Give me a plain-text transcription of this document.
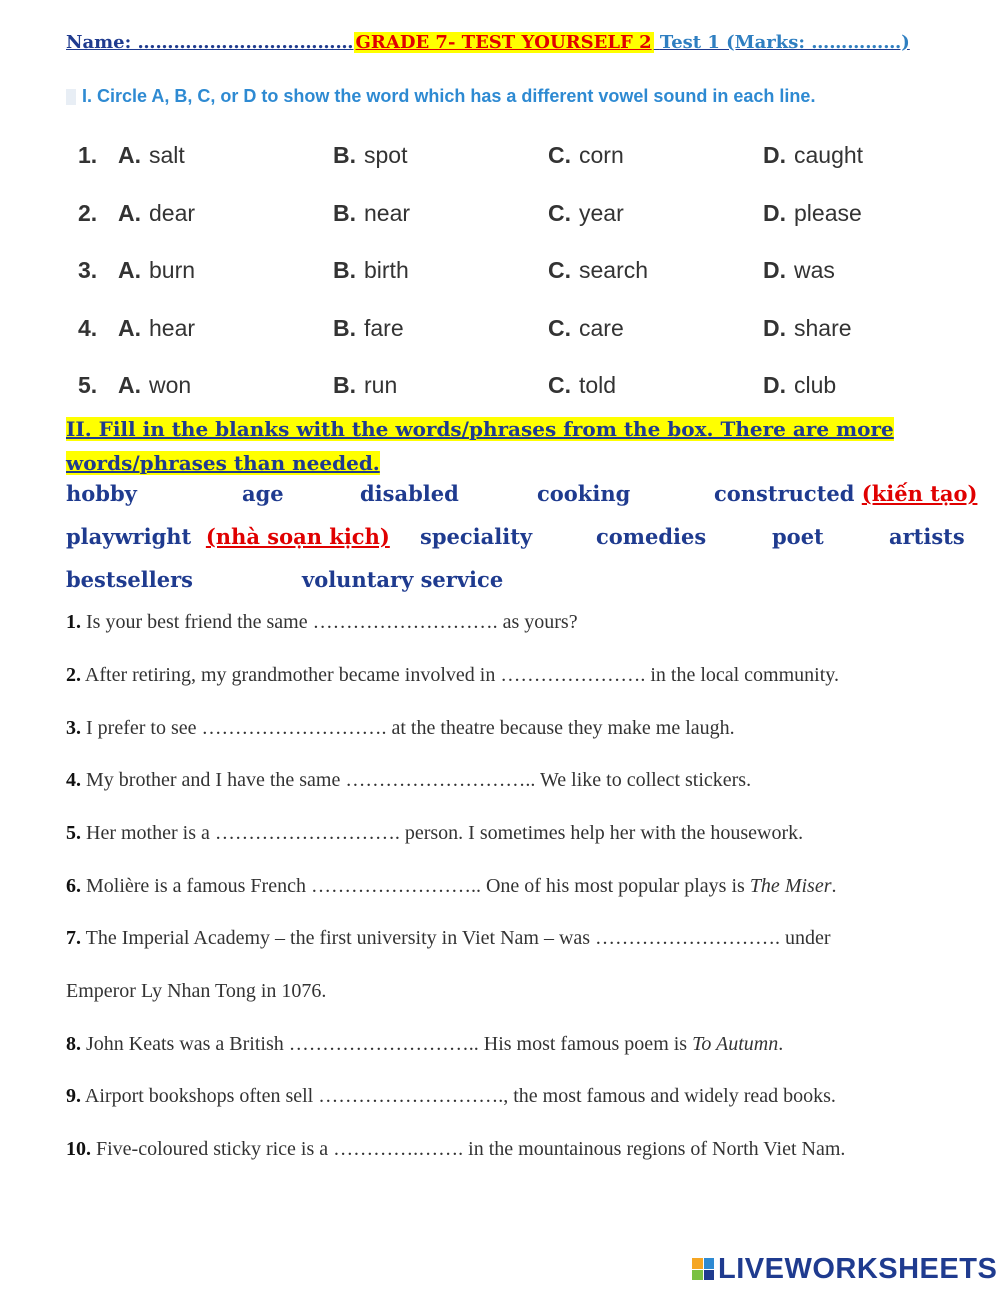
Name: ……………………………… GRADE 7- TEST YOURSELF 2 Test 1 (Marks: ……………)
I. Circle A, B, C, or D to show the word which has a different vowel sound in each line.
1. A. salt	B. spot	C. corn	D. caught
2. A. dear	B. near	C. year	D. please
3. A. burn	B. birth	C. search	D. was
4. A. hear	B. fare	C. care	D. share
5. A. won	B. run	C. told	D. club
II. Fill in the blanks with the words/phrases from the box. There are more words/phrases than needed.
hobby	age	disabled	cooking	constructed (kiến tạo)
playwright (nhà soạn kịch) speciality	comedies	poet	artists
bestsellers	voluntary service
1. Is your best friend the same ………………………. as yours?
2. After retiring, my grandmother became involved in …………………. in the local community.
3. I prefer to see ………………………. at the theatre because they make me laugh.
4. My brother and I have the same ……………………….. We like to collect stickers.
5. Her mother is a ………………………. person. I sometimes help her with the housework.
6. Molière is a famous French …………………….. One of his most popular plays is The Miser.
7. The Imperial Academy – the first university in Viet Nam – was ………………………. under
Emperor Ly Nhan Tong in 1076.
8. John Keats was a British ……………………….. His most famous poem is To Autumn.
9. Airport bookshops often sell ………………………., the most famous and widely read books.
10. Five-coloured sticky rice is a ………….……. in the mountainous regions of North Viet Nam.
LIVEWORKSHEETS
